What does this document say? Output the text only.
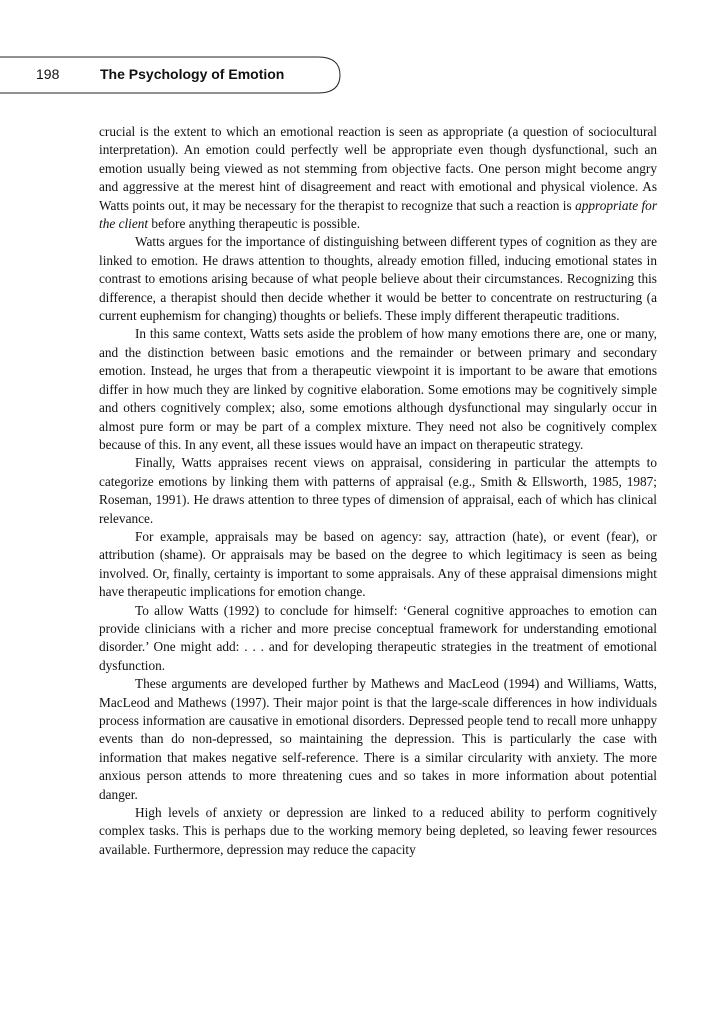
198	The Psychology of Emotion

crucial is the extent to which an emotional reaction is seen as appropriate (a question of sociocultural interpretation). An emotion could perfectly well be appropriate even though dysfunctional, such an emotion usually being viewed as not stemming from objective facts. One person might become angry and aggressive at the merest hint of disagreement and react with emotional and physical violence. As Watts points out, it may be necessary for the therapist to recognize that such a reaction is appropriate for the client before anything therapeutic is possible.

Watts argues for the importance of distinguishing between different types of cognition as they are linked to emotion. He draws attention to thoughts, already emotion filled, inducing emotional states in contrast to emotions arising because of what people believe about their circumstances. Recognizing this difference, a therapist should then decide whether it would be better to concentrate on restructuring (a current euphemism for changing) thoughts or beliefs. These imply different therapeutic traditions.

In this same context, Watts sets aside the problem of how many emotions there are, one or many, and the distinction between basic emotions and the remainder or between primary and secondary emotion. Instead, he urges that from a therapeutic viewpoint it is important to be aware that emotions differ in how much they are linked by cognitive elaboration. Some emotions may be cognitively simple and others cognitively complex; also, some emotions although dysfunctional may singularly occur in almost pure form or may be part of a complex mixture. They need not also be cognitively complex because of this. In any event, all these issues would have an impact on therapeutic strategy.

Finally, Watts appraises recent views on appraisal, considering in particular the attempts to categorize emotions by linking them with patterns of appraisal (e.g., Smith & Ellsworth, 1985, 1987; Roseman, 1991). He draws attention to three types of dimension of appraisal, each of which has clinical relevance.

For example, appraisals may be based on agency: say, attraction (hate), or event (fear), or attribution (shame). Or appraisals may be based on the degree to which legitimacy is seen as being involved. Or, finally, certainty is important to some appraisals. Any of these appraisal dimensions might have therapeutic implications for emotion change.

To allow Watts (1992) to conclude for himself: ‘General cognitive approaches to emotion can provide clinicians with a richer and more precise conceptual framework for understanding emotional disorder.’ One might add: . . . and for developing therapeutic strategies in the treatment of emotional dysfunction.

These arguments are developed further by Mathews and MacLeod (1994) and Williams, Watts, MacLeod and Mathews (1997). Their major point is that the large-scale differences in how individuals process information are causative in emotional disorders. Depressed people tend to recall more unhappy events than do non-depressed, so maintaining the depression. This is particularly the case with information that makes negative self-reference. There is a similar circularity with anxiety. The more anxious person attends to more threatening cues and so takes in more information about potential danger.

High levels of anxiety or depression are linked to a reduced ability to perform cognitively complex tasks. This is perhaps due to the working memory being depleted, so leaving fewer resources available. Furthermore, depression may reduce the capacity
